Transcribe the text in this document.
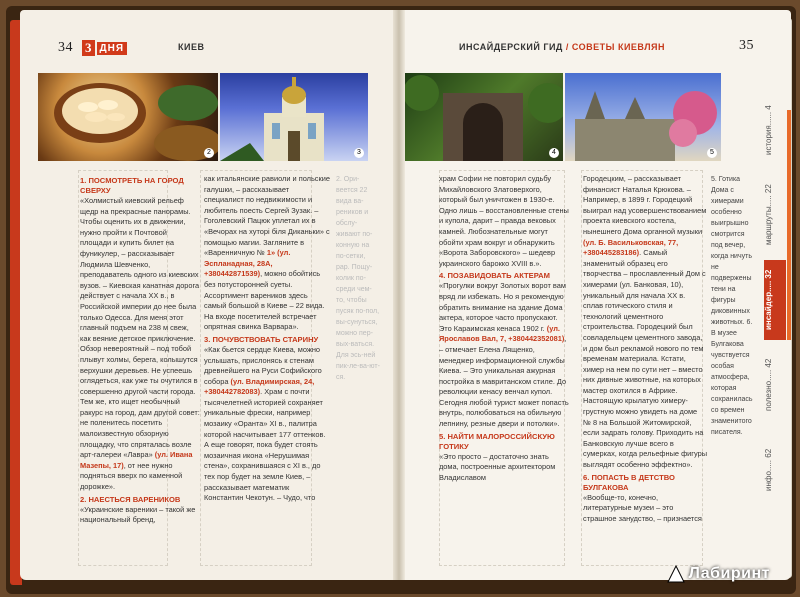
34 3 ДНЯ	КИЕВ
2	3
1. ПОСМОТРЕТЬ НА ГОРОД СВЕРХУ

«Холмистый киевский рельеф щедр на прекрасные панорамы. Чтобы оценить их в движении, нужно пройти к Почтовой площади и купить билет на фуникулер, – рассказывает Людмила Шевченко, преподаватель одного из киевских вузов. – Киевская канатная дорога действует с начала XX в., в Российской империи до нее была только Одесса. Для меня этот главный подъем на 238 м свеж, как веяние детское приключение. Обзор невероятный – под тобой плывут холмы, берега, колышутся верхушки деревьев. Не успеешь оглядеться, как уже ты очутился в совершенно другой части города. Тем же, кто ищет необычный ракурс на город, дам другой совет: не поленитесь посетить малоизвестную обзорную площадку, что спряталась возле арт-галереи «Лавра» (ул. Ивана Мазепы, 17), от нее нужно подняться вверх по каменной дорожке».

2. НАЕСТЬСЯ ВАРЕНИКОВ

«Украинские вареники – такой же национальный бренд,

как итальянские равиоли и польские галушки, – рассказывает специалист по недвижимости и любитель поесть Сергей Зузак. – Гоголевский Пацюк уплетал их в «Вечорах на хуторі біля Диканьки» с помощью магии. Загляните в «Варенничную № 1» (ул. Эспланадная, 28А, +380442871539), можно обойтись без потусторонней суеты. Ассортимент вареников здесь самый большой в Киеве – 22 вида. На входе посетителей встречает опрятная свинка Варвара».

3. ПОЧУВСТВОВАТЬ СТАРИНУ

«Как бьется сердце Киева, можно услышать, прислонясь к стенам древнейшего на Руси Софийского собора (ул. Владимирская, 24, +380442782083). Храм с почти тысячелетней историей сохраняет уникальные фрески, например мозаику «Оранта» XI в., палитра которой насчитывает 177 оттенков. А еще говорят, пока будет стоять мозаичная икона «Нерушимая стена», сохранившаяся с XI в., до тех пор будет на земле Киев, – рассказывает математик Константин Чекотун. – Чудо, что

2. Ори-веется 22 вида ва-реников и обслу-живают по-конную на по-сетки, рар. Пощу-колик по-среди чем-то, чтобы пусяк по-пол, вы-сунуться, можно пер-вых-ваться. Для эсь-ней пик-ле-ва-ют-ся.
ИНСАЙДЕРСКИЙ ГИД / СОВЕТЫ КИЕВЛЯН	35
4	5

храм Софии не повторил судьбу Михайловского Златоверхого, который был уничтожен в 1930-е. Одно лишь – восстановленные стены и купола, дарит – правда вековых камней. Любознательные могут обойти храм вокруг и обнаружить «Ворота Заборовского» – шедевр украинского барокко XVIII в.».

4. ПОЗАВИДОВАТЬ АКТЕРАМ

«Прогулки вокруг Золотых ворот вам вряд ли избежать. Но я рекомендую обратить внимание на здание Дома актера, которое часто пропускают. Это Караимская кенаса 1902 г. (ул. Ярославов Вал, 7, +380442352081), – отмечает Елена Лященко, менеджер информационной службы Киева. – Это уникальная ажурная постройка в мавританском стиле. До революции кенасу венчал купол. Сегодня любой турист может попасть внутрь, полюбоваться на обильную лепнину, резные двери и потолки».

5. НАЙТИ МАЛОРОССИЙСКУЮ ГОТИКУ

«Это просто – достаточно знать дома, построенные архитектором Владиславом

Городецким, – рассказывает финансист Наталья Крюкова. – Например, в 1899 г. Городецкий выиграл над усовершенствованием проекта киевского костела, нынешнего Дома органной музыки (ул. Б. Васильковская, 77, +380445283186). Самый знаменитый образец его творчества – прославленный Дом с химерами (ул. Банковая, 10), уникальный для начала XX в. сплав готического стиля и технологий цементного строительства. Городецкий был совладельцем цементного завода, и дом был рекламой нового по тем временам материала. Кстати, химер на нем по сути нет – вместо них дивные животные, на которых мастер охотился в Африке. Настоящую крылатую химеру-грустную можно увидеть на доме № 8 на Большой Житомирской, если задрать голову. Приходить на Банковскую лучше всего в сумерках, когда рельефные фигуры выглядят особенно эффектно».

6. ПОПАСТЬ В ДЕТСТВО БУЛГАКОВА

«Вообще-то, конечно, литературные музеи – это страшное занудство, – признается

5. Готика Дома с химерами особенно выигрышно смотрится под вечер, когда ничуть не подвержены тени на фигуры диковинных животных. 6. В музее Булгакова чувствуется особая атмосфера, которая сохранилась со времен знаменитого писателя.
история...... 4
маршруты..... 22
инсайдер..... 32
полезно..... 42
инфо..... 62
Лабиринт
